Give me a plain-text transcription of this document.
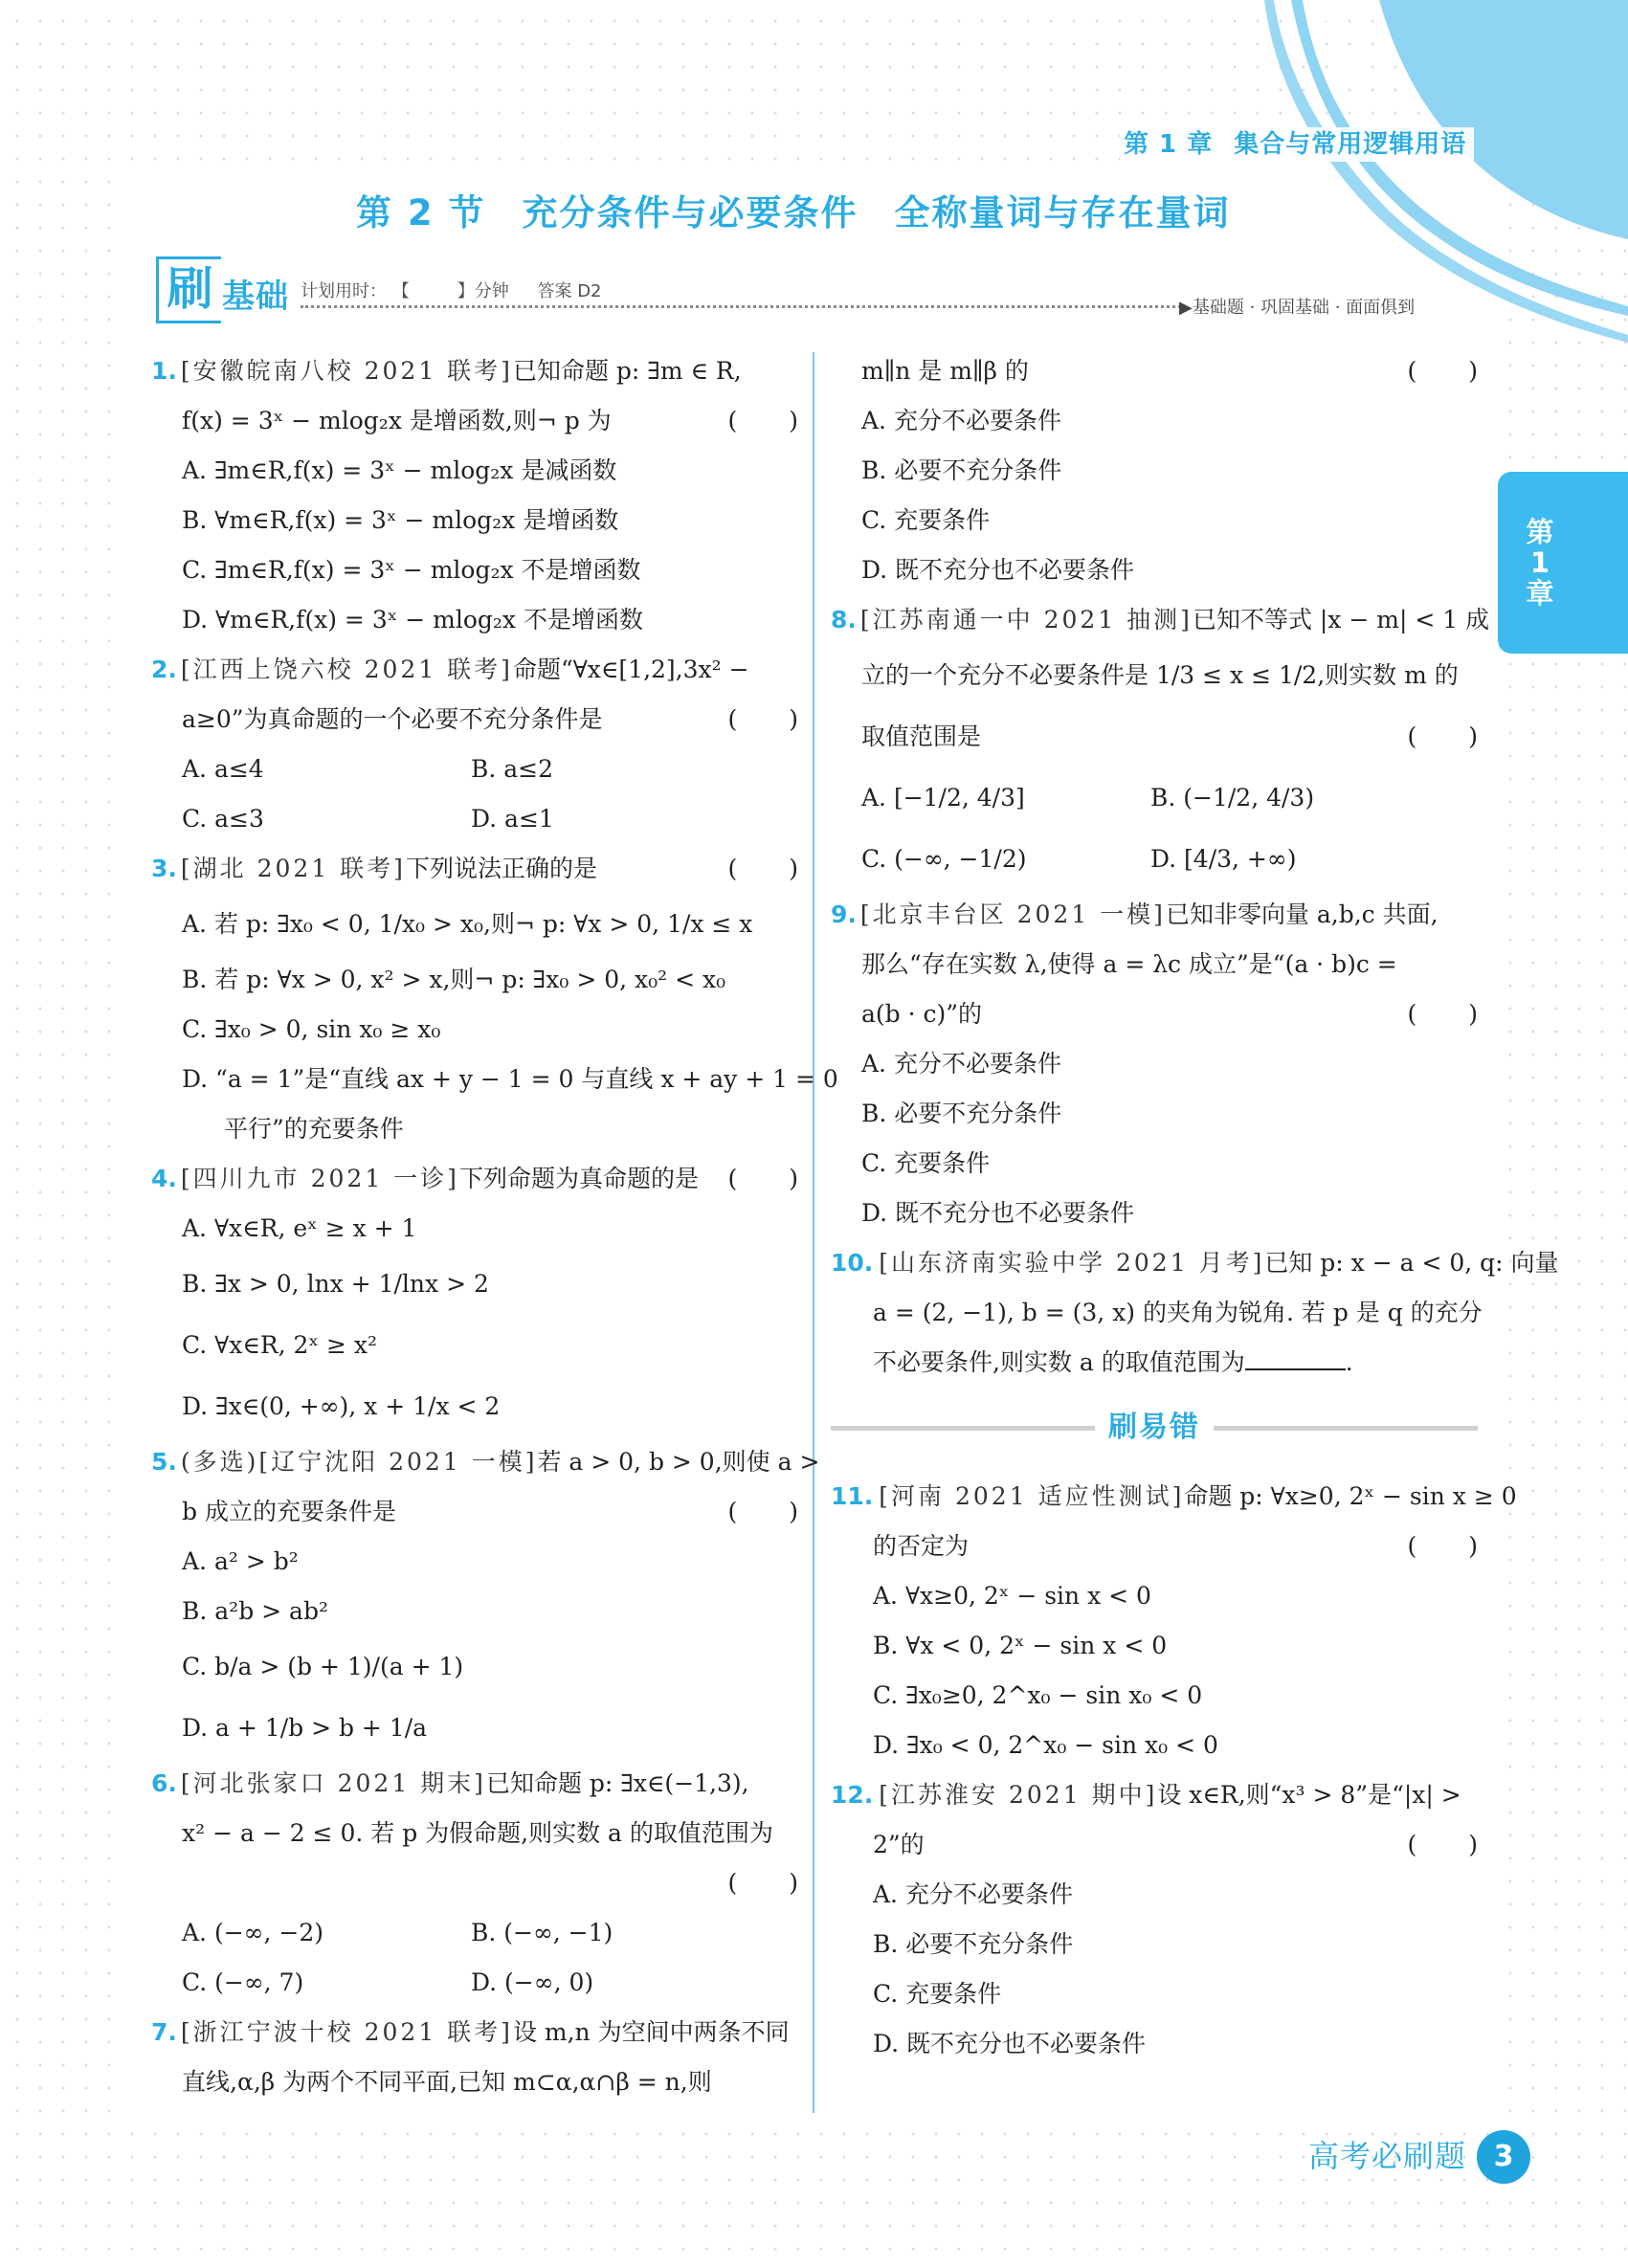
第 1 章 集合与常用逻辑用语
第 2 节 充分条件与必要条件 全称量词与存在量词
刷 基础 计划用时： 【	】分钟 答案 D2
▶基础题 · 巩固基础 · 面面俱到
1. [安徽皖南八校 2021 联考]已知命题 p: ∃m ∈ R,
f(x) = 3ˣ − mlog₂x 是增函数,则¬ p 为	( )
A. ∃m∈R,f(x) = 3ˣ − mlog₂x 是减函数
B. ∀m∈R,f(x) = 3ˣ − mlog₂x 是增函数
C. ∃m∈R,f(x) = 3ˣ − mlog₂x 不是增函数
D. ∀m∈R,f(x) = 3ˣ − mlog₂x 不是增函数
2. [江西上饶六校 2021 联考]命题“∀x∈[1,2],3x² −
a≥0”为真命题的一个必要不充分条件是	( )
A. a≤4	B. a≤2
C. a≤3	D. a≤1
3. [湖北 2021 联考]下列说法正确的是	( )
A. 若 p: ∃x₀ < 0, 1/x₀ > x₀,则¬ p: ∀x > 0, 1/x ≤ x
B. 若 p: ∀x > 0, x² > x,则¬ p: ∃x₀ > 0, x₀² < x₀
C. ∃x₀ > 0, sin x₀ ≥ x₀
D. “a = 1”是“直线 ax + y − 1 = 0 与直线 x + ay + 1 = 0
平行”的充要条件
4. [四川九市 2021 一诊]下列命题为真命题的是 ( )
A. ∀x∈R, eˣ ≥ x + 1
B. ∃x > 0, lnx + 1/lnx > 2
C. ∀x∈R, 2ˣ ≥ x²
D. ∃x∈(0, +∞), x + 1/x < 2
5. (多选)[辽宁沈阳 2021 一模]若 a > 0, b > 0,则使 a >
b 成立的充要条件是	( )
A. a² > b²
B. a²b > ab²
C. b/a > (b + 1)/(a + 1)
D. a + 1/b > b + 1/a
6. [河北张家口 2021 期末]已知命题 p: ∃x∈(−1,3),
x² − a − 2 ≤ 0. 若 p 为假命题,则实数 a 的取值范围为
( )
A. (−∞, −2)	B. (−∞, −1)
C. (−∞, 7)	D. (−∞, 0)
7. [浙江宁波十校 2021 联考]设 m,n 为空间中两条不同
直线,α,β 为两个不同平面,已知 m⊂α,α∩β = n,则
m∥n 是 m∥β 的	( )
A. 充分不必要条件
B. 必要不充分条件
C. 充要条件
D. 既不充分也不必要条件
8. [江苏南通一中 2021 抽测]已知不等式 |x − m| < 1 成
立的一个充分不必要条件是 1/3 ≤ x ≤ 1/2,则实数 m 的
取值范围是	( )
A. [−1/2, 4/3]	B. (−1/2, 4/3)
C. (−∞, −1/2)	D. [4/3, +∞)
9. [北京丰台区 2021 一模]已知非零向量 a,b,c 共面,
那么“存在实数 λ,使得 a = λc 成立”是“(a · b)c =
a(b · c)”的	( )
A. 充分不必要条件
B. 必要不充分条件
C. 充要条件
D. 既不充分也不必要条件
10. [山东济南实验中学 2021 月考]已知 p: x − a < 0, q: 向量
a = (2, −1), b = (3, x) 的夹角为锐角. 若 p 是 q 的充分
不必要条件,则实数 a 的取值范围为	.
刷易错
11. [河南 2021 适应性测试]命题 p: ∀x≥0, 2ˣ − sin x ≥ 0
的否定为	( )
A. ∀x≥0, 2ˣ − sin x < 0
B. ∀x < 0, 2ˣ − sin x < 0
C. ∃x₀≥0, 2^x₀ − sin x₀ < 0
D. ∃x₀ < 0, 2^x₀ − sin x₀ < 0
12. [江苏淮安 2021 期中]设 x∈R,则“x³ > 8”是“|x| >
2”的	( )
A. 充分不必要条件
B. 必要不充分条件
C. 充要条件
D. 既不充分也不必要条件
第
1
章
高考必刷题 3
